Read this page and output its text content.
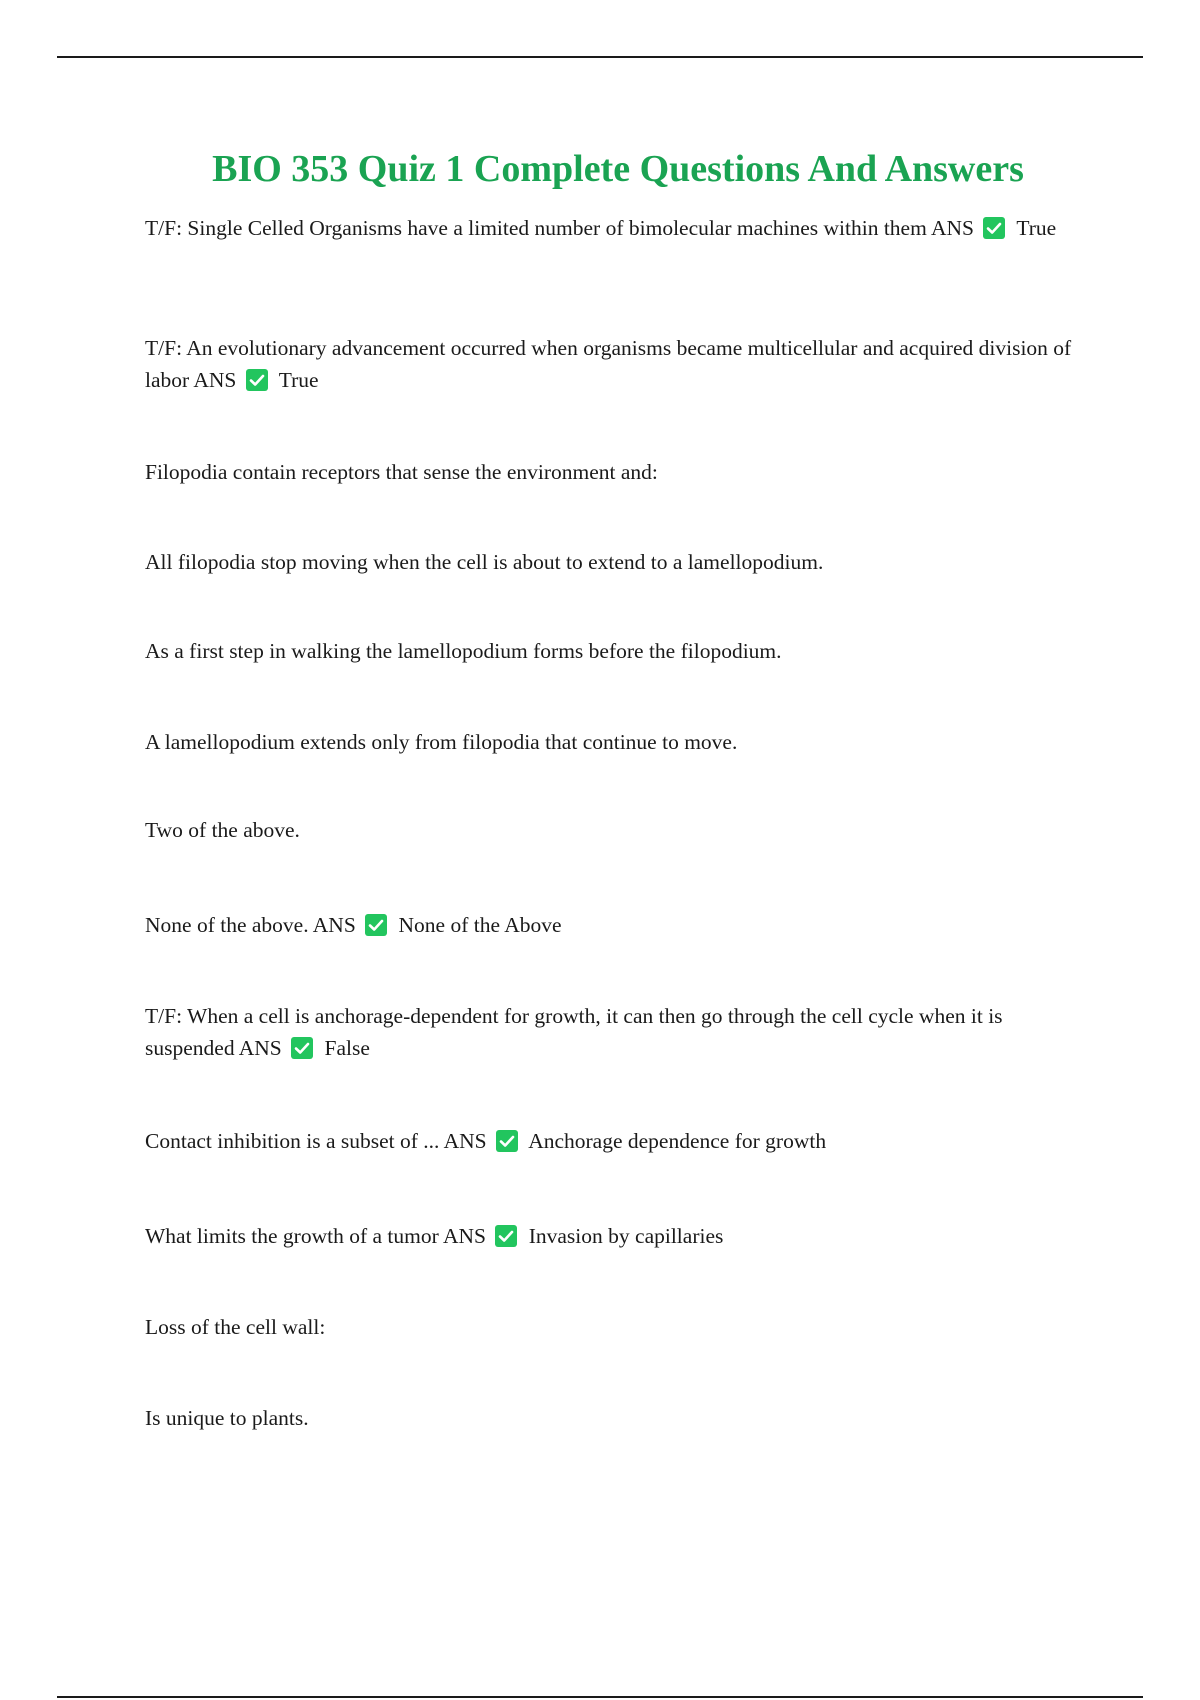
BIO 353 Quiz 1 Complete Questions And Answers
T/F: Single Celled Organisms have a limited number of bimolecular machines within them ANS True
T/F: An evolutionary advancement occurred when organisms became multicellular and acquired division of labor ANS True
Filopodia contain receptors that sense the environment and:
All filopodia stop moving when the cell is about to extend to a lamellopodium.
As a first step in walking the lamellopodium forms before the filopodium.
A lamellopodium extends only from filopodia that continue to move.
Two of the above.
None of the above. ANS None of the Above
T/F: When a cell is anchorage-dependent for growth, it can then go through the cell cycle when it is suspended ANS False
Contact inhibition is a subset of ... ANS Anchorage dependence for growth
What limits the growth of a tumor ANS Invasion by capillaries
Loss of the cell wall:
Is unique to plants.
